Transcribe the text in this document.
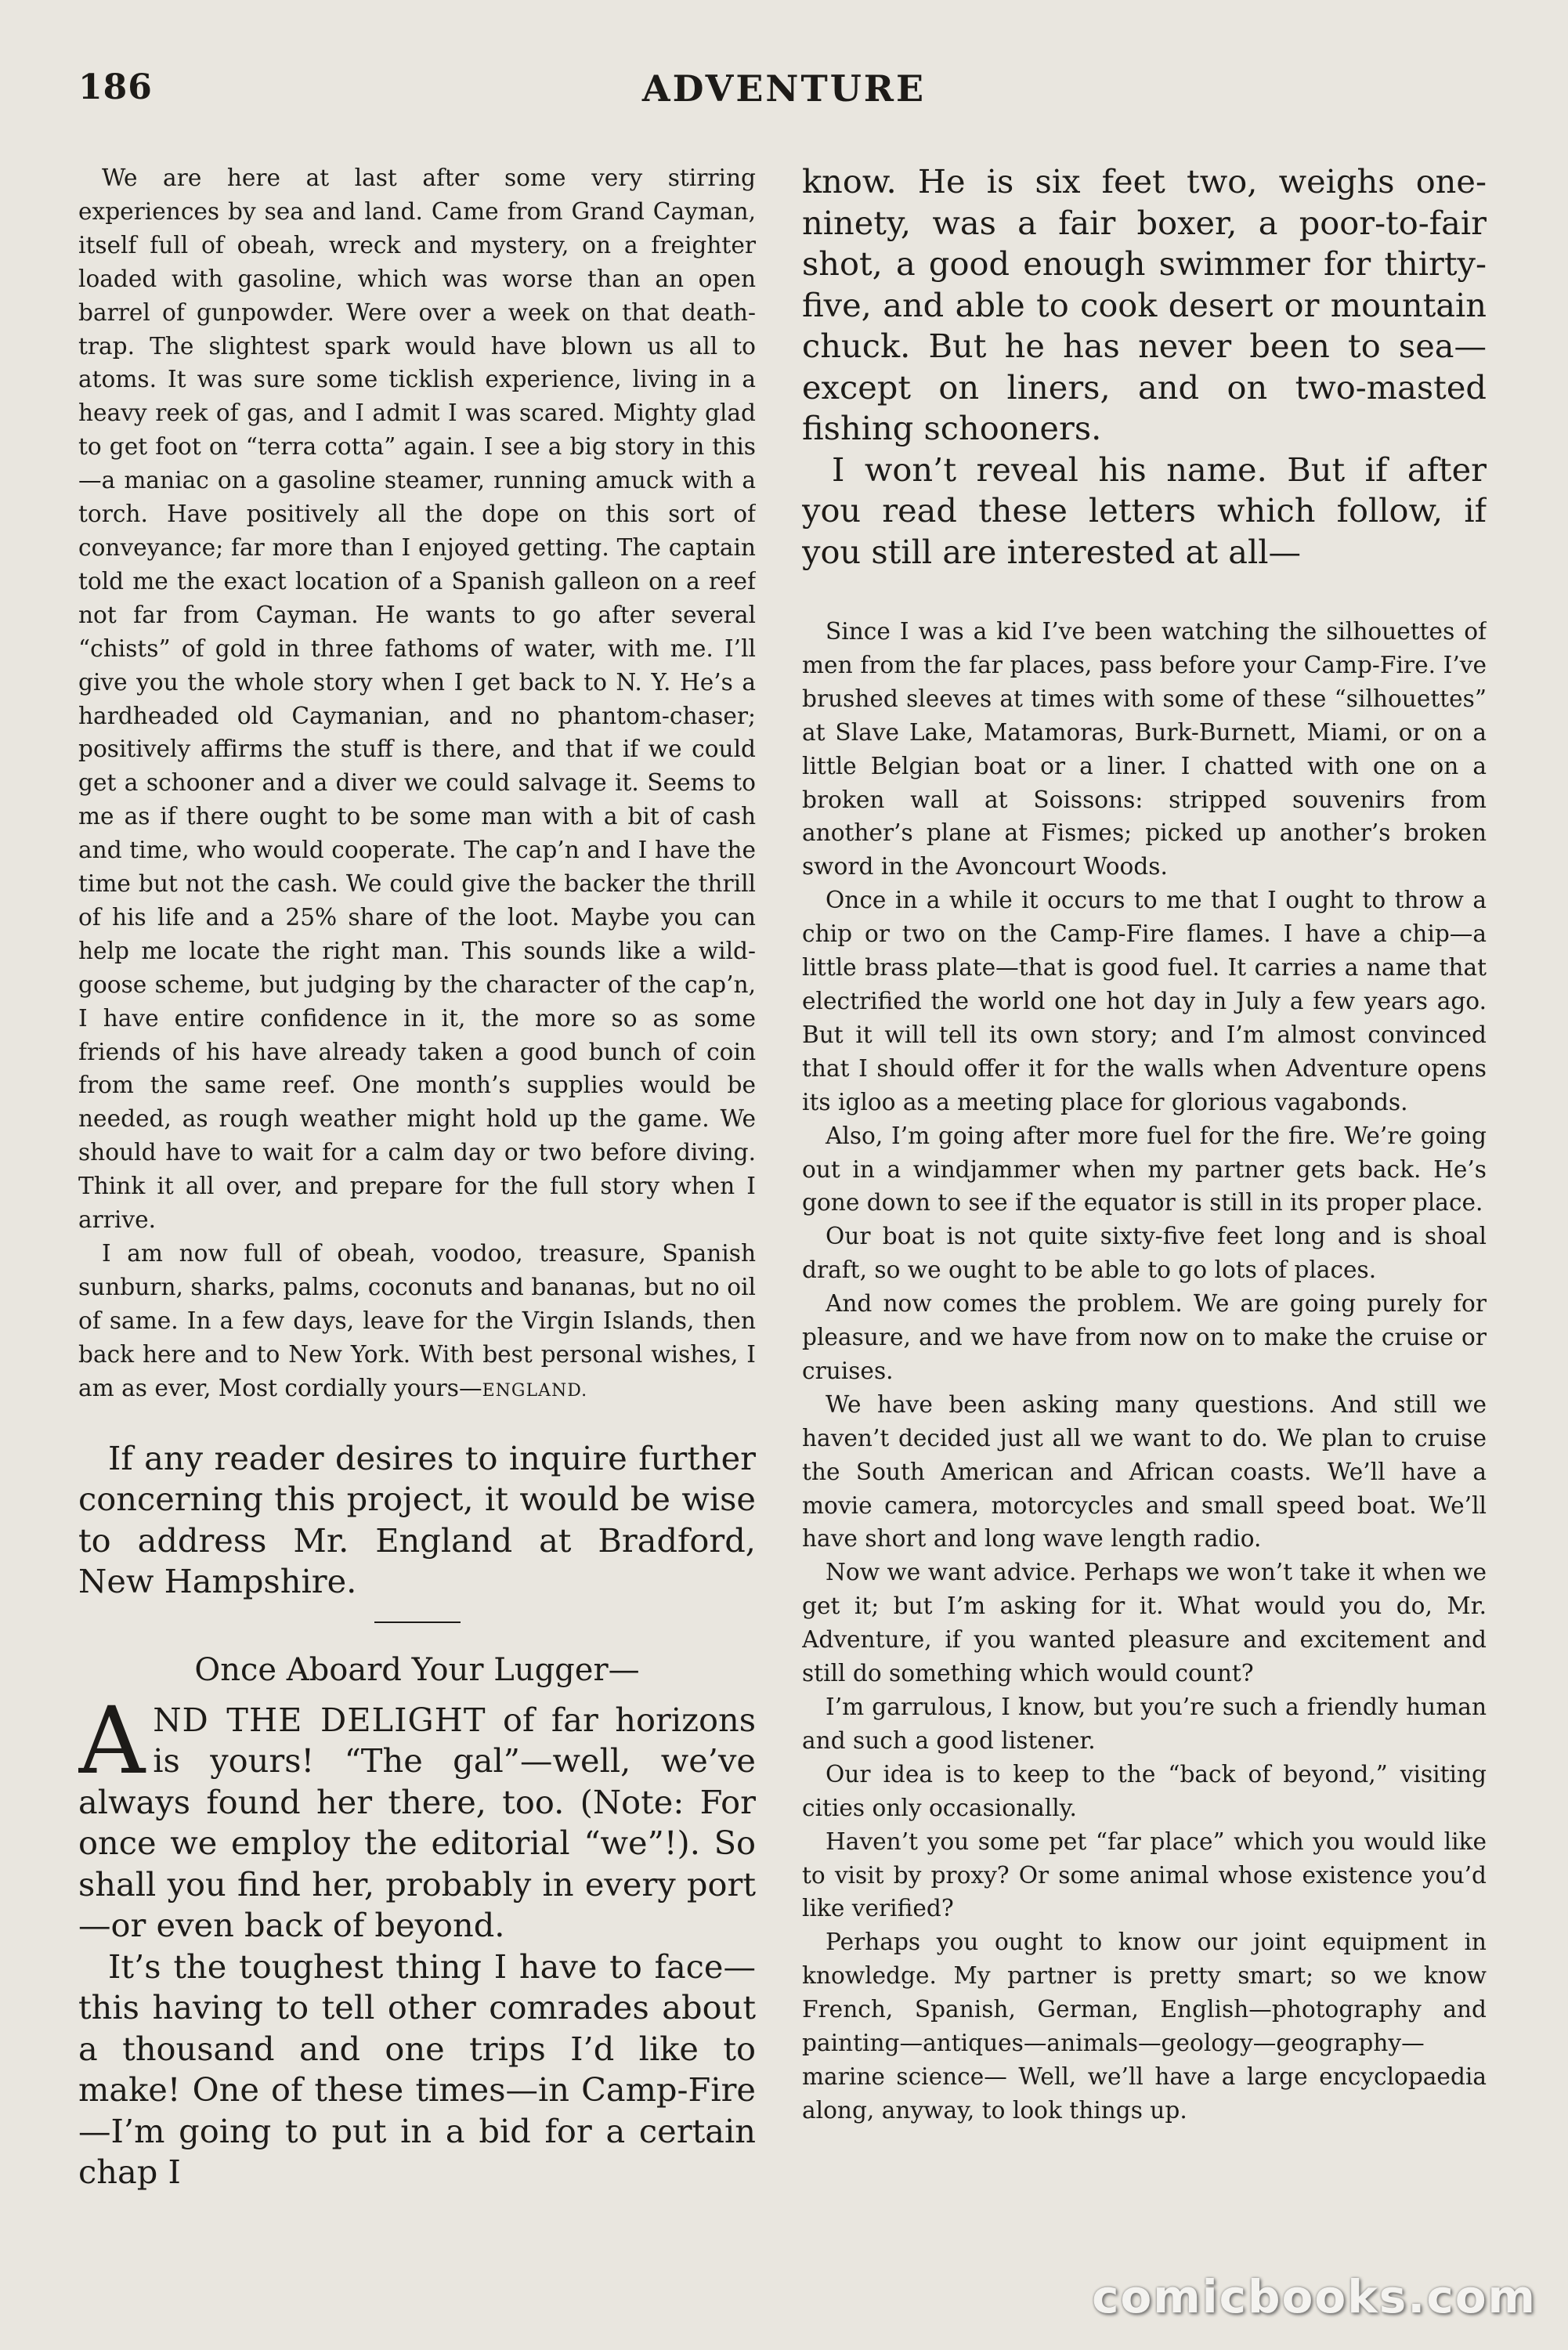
186	ADVENTURE

We are here at last after some very stirring experiences by sea and land. Came from Grand Cayman, itself full of obeah, wreck and mystery, on a freighter loaded with gasoline, which was worse than an open barrel of gunpowder. Were over a week on that death-trap. The slightest spark would have blown us all to atoms. It was sure some ticklish experience, living in a heavy reek of gas, and I admit I was scared. Mighty glad to get foot on “terra cotta” again. I see a big story in this—a maniac on a gasoline steamer, running amuck with a torch. Have positively all the dope on this sort of conveyance; far more than I enjoyed getting. The captain told me the exact location of a Spanish galleon on a reef not far from Cayman. He wants to go after several “chists” of gold in three fathoms of water, with me. I’ll give you the whole story when I get back to N. Y. He’s a hardheaded old Caymanian, and no phantom-chaser; positively affirms the stuff is there, and that if we could get a schooner and a diver we could salvage it. Seems to me as if there ought to be some man with a bit of cash and time, who would cooperate. The cap’n and I have the time but not the cash. We could give the backer the thrill of his life and a 25% share of the loot. Maybe you can help me locate the right man. This sounds like a wild-goose scheme, but judging by the character of the cap’n, I have entire confidence in it, the more so as some friends of his have already taken a good bunch of coin from the same reef. One month’s supplies would be needed, as rough weather might hold up the game. We should have to wait for a calm day or two before diving. Think it all over, and prepare for the full story when I arrive.

I am now full of obeah, voodoo, treasure, Spanish sunburn, sharks, palms, coconuts and bananas, but no oil of same. In a few days, leave for the Virgin Islands, then back here and to New York. With best personal wishes, I am as ever, Most cordially yours—ENGLAND.

If any reader desires to inquire further concerning this project, it would be wise to address Mr. England at Bradford, New Hampshire.

Once Aboard Your Lugger—

AND THE DELIGHT of far horizons is yours! “The gal”—well, we’ve always found her there, too. (Note: For once we employ the editorial “we”!). So shall you find her, probably in every port—or even back of beyond.

It’s the toughest thing I have to face—this having to tell other comrades about a thousand and one trips I’d like to make! One of these times—in Camp-Fire—I’m going to put in a bid for a certain chap I

know. He is six feet two, weighs one-ninety, was a fair boxer, a poor-to-fair shot, a good enough swimmer for thirty-five, and able to cook desert or mountain chuck. But he has never been to sea—except on liners, and on two-masted fishing schooners.

I won’t reveal his name. But if after you read these letters which follow, if you still are interested at all—

Since I was a kid I’ve been watching the silhouettes of men from the far places, pass before your Camp-Fire. I’ve brushed sleeves at times with some of these “silhouettes” at Slave Lake, Matamoras, Burk-Burnett, Miami, or on a little Belgian boat or a liner. I chatted with one on a broken wall at Soissons: stripped souvenirs from another’s plane at Fismes; picked up another’s broken sword in the Avoncourt Woods.

Once in a while it occurs to me that I ought to throw a chip or two on the Camp-Fire flames. I have a chip—a little brass plate—that is good fuel. It carries a name that electrified the world one hot day in July a few years ago. But it will tell its own story; and I’m almost convinced that I should offer it for the walls when Adventure opens its igloo as a meeting place for glorious vagabonds.

Also, I’m going after more fuel for the fire. We’re going out in a windjammer when my partner gets back. He’s gone down to see if the equator is still in its proper place.

Our boat is not quite sixty-five feet long and is shoal draft, so we ought to be able to go lots of places.

And now comes the problem. We are going purely for pleasure, and we have from now on to make the cruise or cruises.

We have been asking many questions. And still we haven’t decided just all we want to do. We plan to cruise the South American and African coasts. We’ll have a movie camera, motorcycles and small speed boat. We’ll have short and long wave length radio.

Now we want advice. Perhaps we won’t take it when we get it; but I’m asking for it. What would you do, Mr. Adventure, if you wanted pleasure and excitement and still do something which would count?

I’m garrulous, I know, but you’re such a friendly human and such a good listener.

Our idea is to keep to the “back of beyond,” visiting cities only occasionally.

Haven’t you some pet “far place” which you would like to visit by proxy? Or some animal whose existence you’d like verified?

Perhaps you ought to know our joint equipment in knowledge. My partner is pretty smart; so we know French, Spanish, German, English—photography and painting—antiques—animals—geology—geography—marine science— Well, we’ll have a large encyclopaedia along, anyway, to look things up.

comicbooks.com
